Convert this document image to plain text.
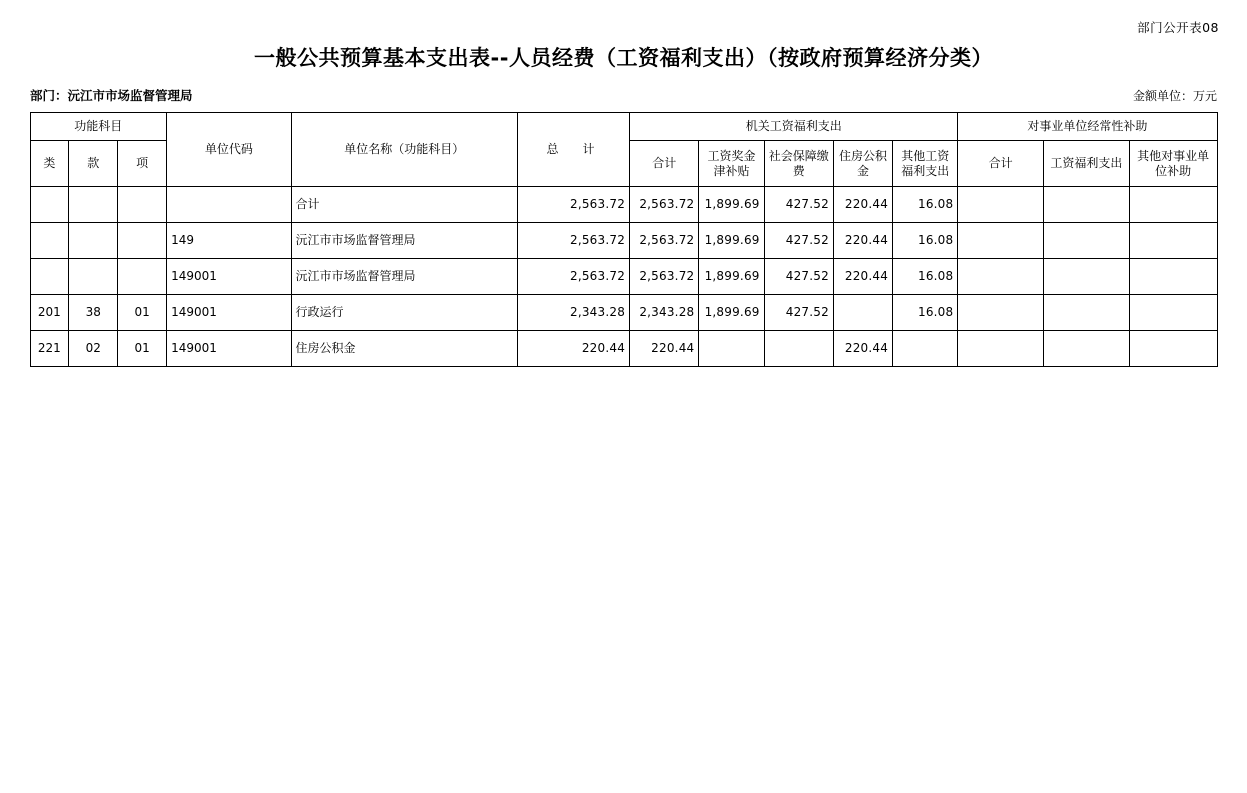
部门公开表08
一般公共预算基本支出表--人员经费（工资福利支出）（按政府预算经济分类）
部门：沅江市市场监督管理局	金额单位：万元
功能科目			单位代码	单位名称（功能科目）	总　计	机关工资福利支出					对事业单位经常性补助		
类	款	项				合计	工资奖金津补贴	社会保障缴费	住房公积金	其他工资福利支出	合计	工资福利支出	其他对事业单位补助
				合计	2,563.72	2,563.72	1,899.69	427.52	220.44	16.08			
			149	沅江市市场监督管理局	2,563.72	2,563.72	1,899.69	427.52	220.44	16.08			
			149001	沅江市市场监督管理局	2,563.72	2,563.72	1,899.69	427.52	220.44	16.08			
201	38	01	149001	行政运行	2,343.28	2,343.28	1,899.69	427.52		16.08			
221	02	01	149001	住房公积金	220.44	220.44			220.44				
